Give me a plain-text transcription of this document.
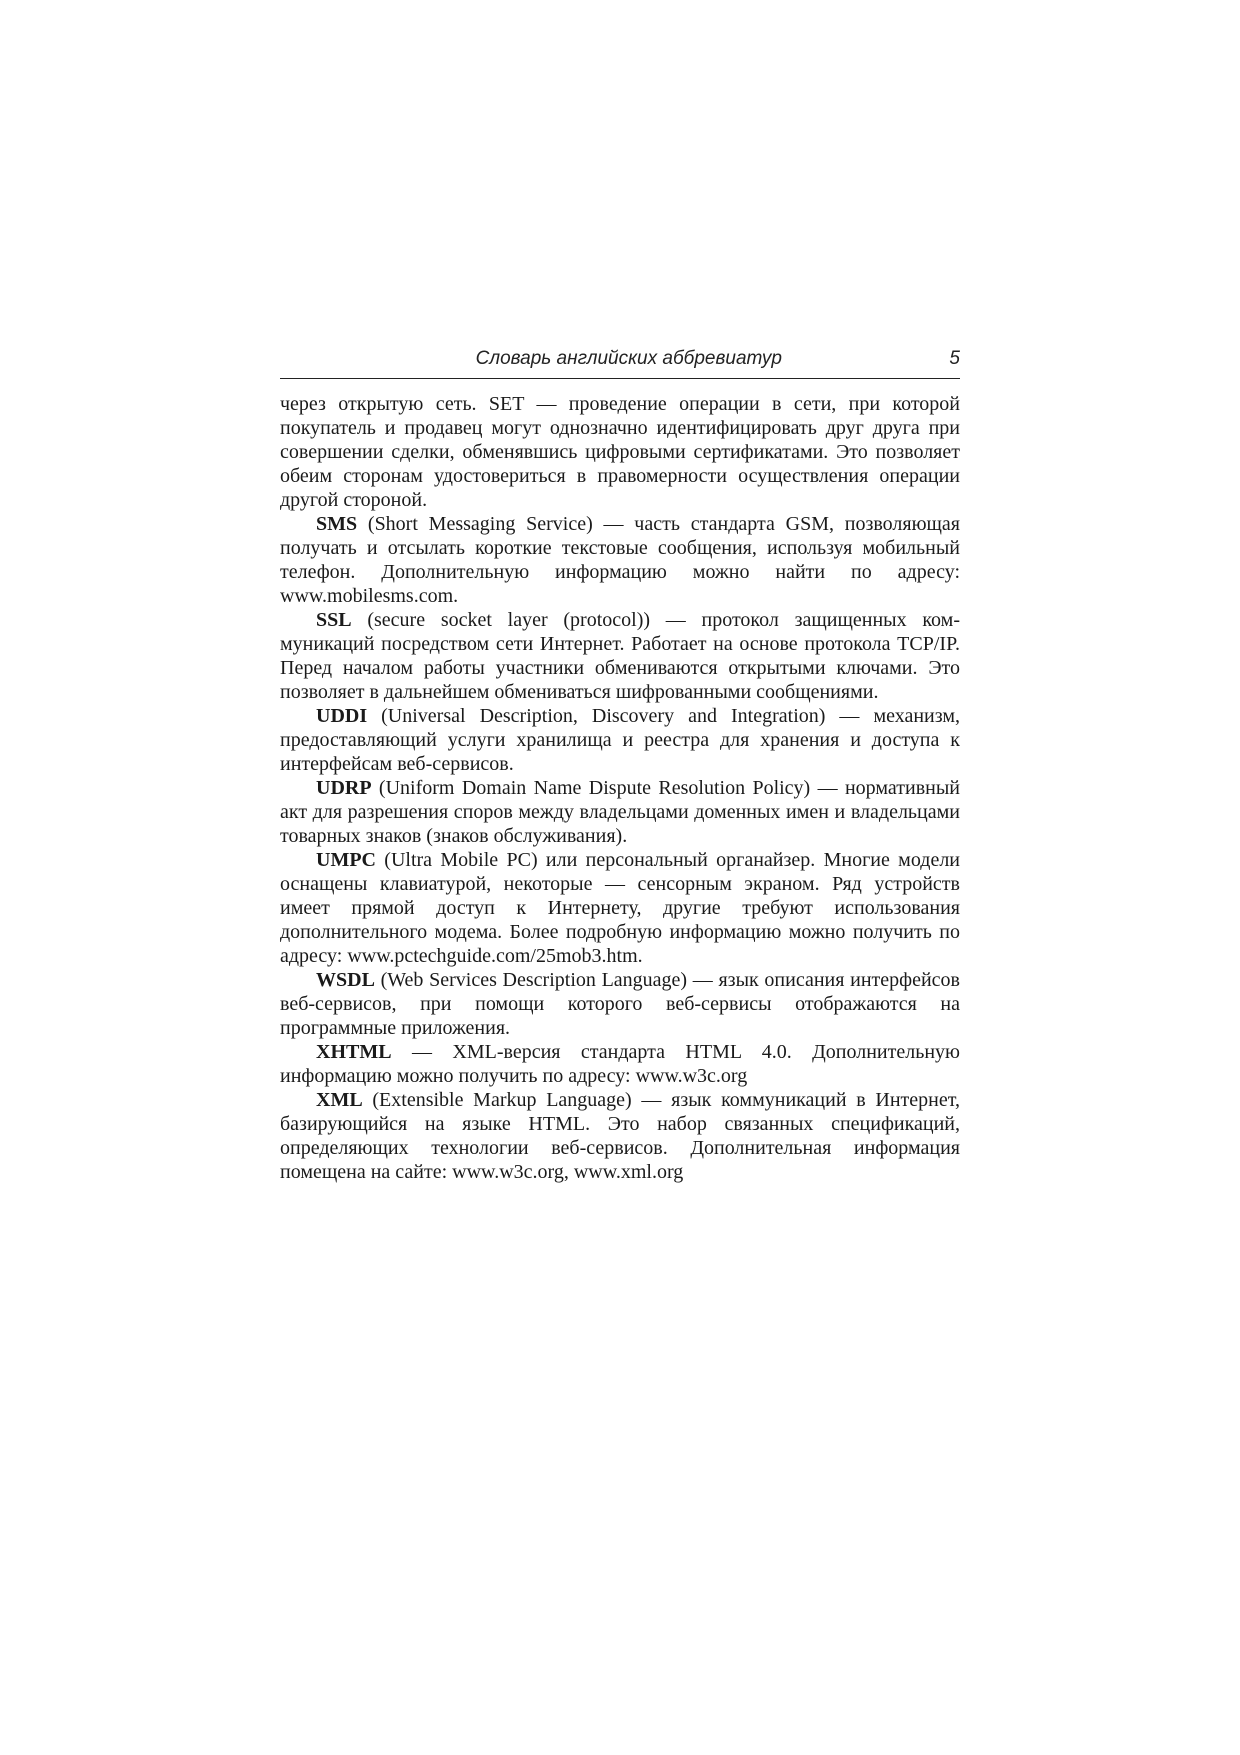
Словарь английских аббревиатур	5

через открытую сеть. SET — проведение операции в сети, при которой покупатель и продавец могут однозначно идентифицировать друг друга при совершении сделки, обменявшись цифровыми сертификатами. Это позволяет обеим сторонам удостовериться в правомерности осуществления операции другой стороной.

SMS (Short Messaging Service) — часть стандарта GSM, позволяющая получать и отсылать короткие текстовые сообщения, используя мобильный телефон. Дополнительную информацию можно найти по адресу: www.mobilesms.com.

SSL (secure socket layer (protocol)) — протокол защищенных коммуникаций посредством сети Интернет. Работает на основе протокола TCP/IP. Перед началом работы участники обмениваются открытыми ключами. Это позволяет в дальнейшем обмениваться шифрованными сообщениями.

UDDI (Universal Description, Discovery and Integration) — механизм, предоставляющий услуги хранилища и реестра для хранения и доступа к интерфейсам веб-сервисов.

UDRP (Uniform Domain Name Dispute Resolution Policy) — нормативный акт для разрешения споров между владельцами доменных имен и владельцами товарных знаков (знаков обслуживания).

UMPC (Ultra Mobile PC) или персональный органайзер. Многие модели оснащены клавиатурой, некоторые — сенсорным экраном. Ряд устройств имеет прямой доступ к Интернету, другие требуют использования дополнительного модема. Более подробную информацию можно получить по адресу: www.pctechguide.com/25mob3.htm.

WSDL (Web Services Description Language) — язык описания интерфейсов веб-сервисов, при помощи которого веб-сервисы отображаются на программные приложения.

XHTML — XML-версия стандарта HTML 4.0. Дополнительную информацию можно получить по адресу: www.w3c.org

XML (Extensible Markup Language) — язык коммуникаций в Интернет, базирующийся на языке HTML. Это набор связанных спецификаций, определяющих технологии веб-сервисов. Дополнительная информация помещена на сайте: www.w3c.org, www.xml.org
